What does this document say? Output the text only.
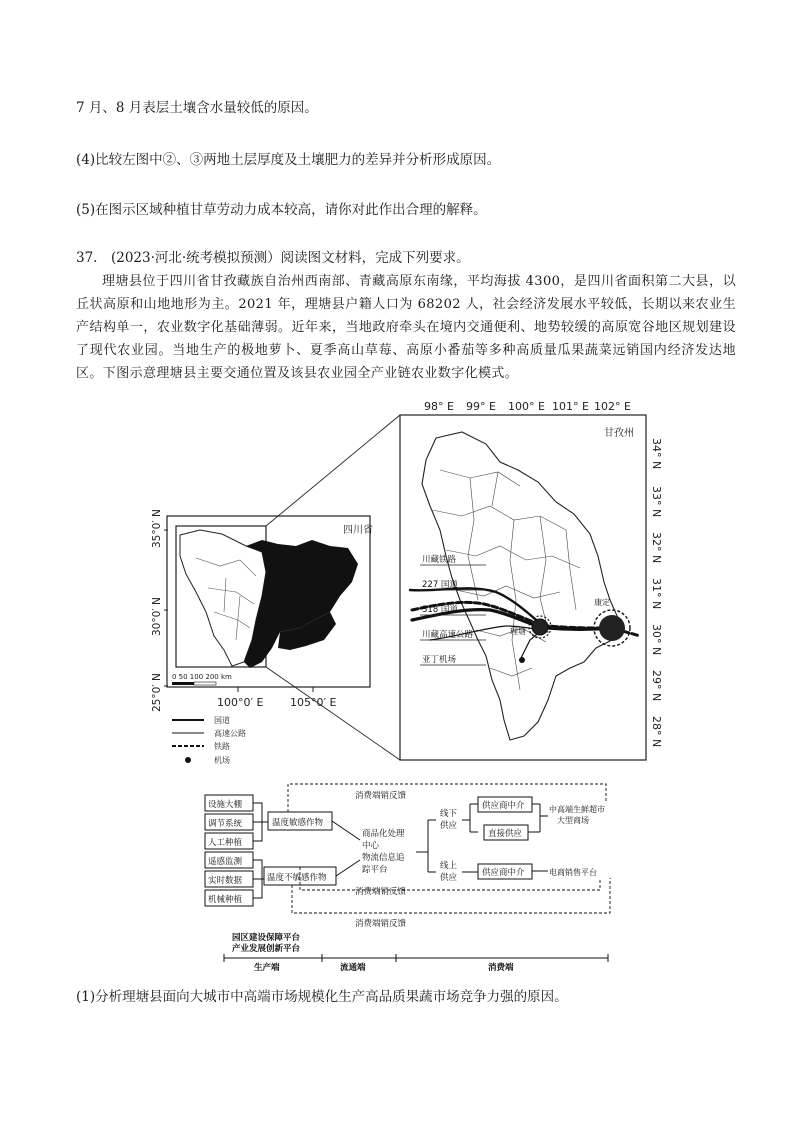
7 月、8 月表层土壤含水量较低的原因。
(4)比较左图中②、③两地土层厚度及土壤肥力的差异并分析形成原因。
(5)在图示区域种植甘草劳动力成本较高，请你对此作出合理的解释。
37.　(2023·河北·统考模拟预测）阅读图文材料，完成下列要求。

理塘县位于四川省甘孜藏族自治州西南部、青藏高原东南缘，平均海拔 4300，是四川省面积第二大县，以丘状高原和山地地形为主。2021 年，理塘县户籍人口为 68202 人，社会经济发展水平较低，长期以来农业生产结构单一，农业数字化基础薄弱。近年来，当地政府牵头在境内交通便利、地势较缓的高原宽谷地区规划建设了现代农业园。当地生产的极地萝卜、夏季高山草莓、高原小番茄等多种高质量瓜果蔬菜远销国内经济发达地区。下图示意理塘县主要交通位置及该县农业园全产业链农业数字化模式。

(1)分析理塘县面向大城市中高端市场规模化生产高品质果蔬市场竞争力强的原因。
四川省
35°0′ N
30°0′ N
25°0′ N	100°0′ E 105°0′ E
0 50 100 200 km
国道
高速公路
铁路
机场
甘孜州
98° E 99° E 100° E 101° E 102° E
34° N
33° N
32° N
31° N
30° N
29° N
28° N
川藏铁路
227 国道
318 国道
川藏高速公路
亚丁机场
理塘
康定
设施大棚
调节系统
人工种植
遥感监测
实时数据
机械种植
温度敏感作物
温度不敏感作物
商品化处理
中心
物流信息追
踪平台
线下
供应
线上
供应
供应商中介
直接供应
供应商中介
中高端生鲜超市
大型商场
电商销售平台
消费端销反馈
消费端销反馈
消费端销反馈
园区建设保障平台
产业发展创新平台
生产端	流通端	消费端
